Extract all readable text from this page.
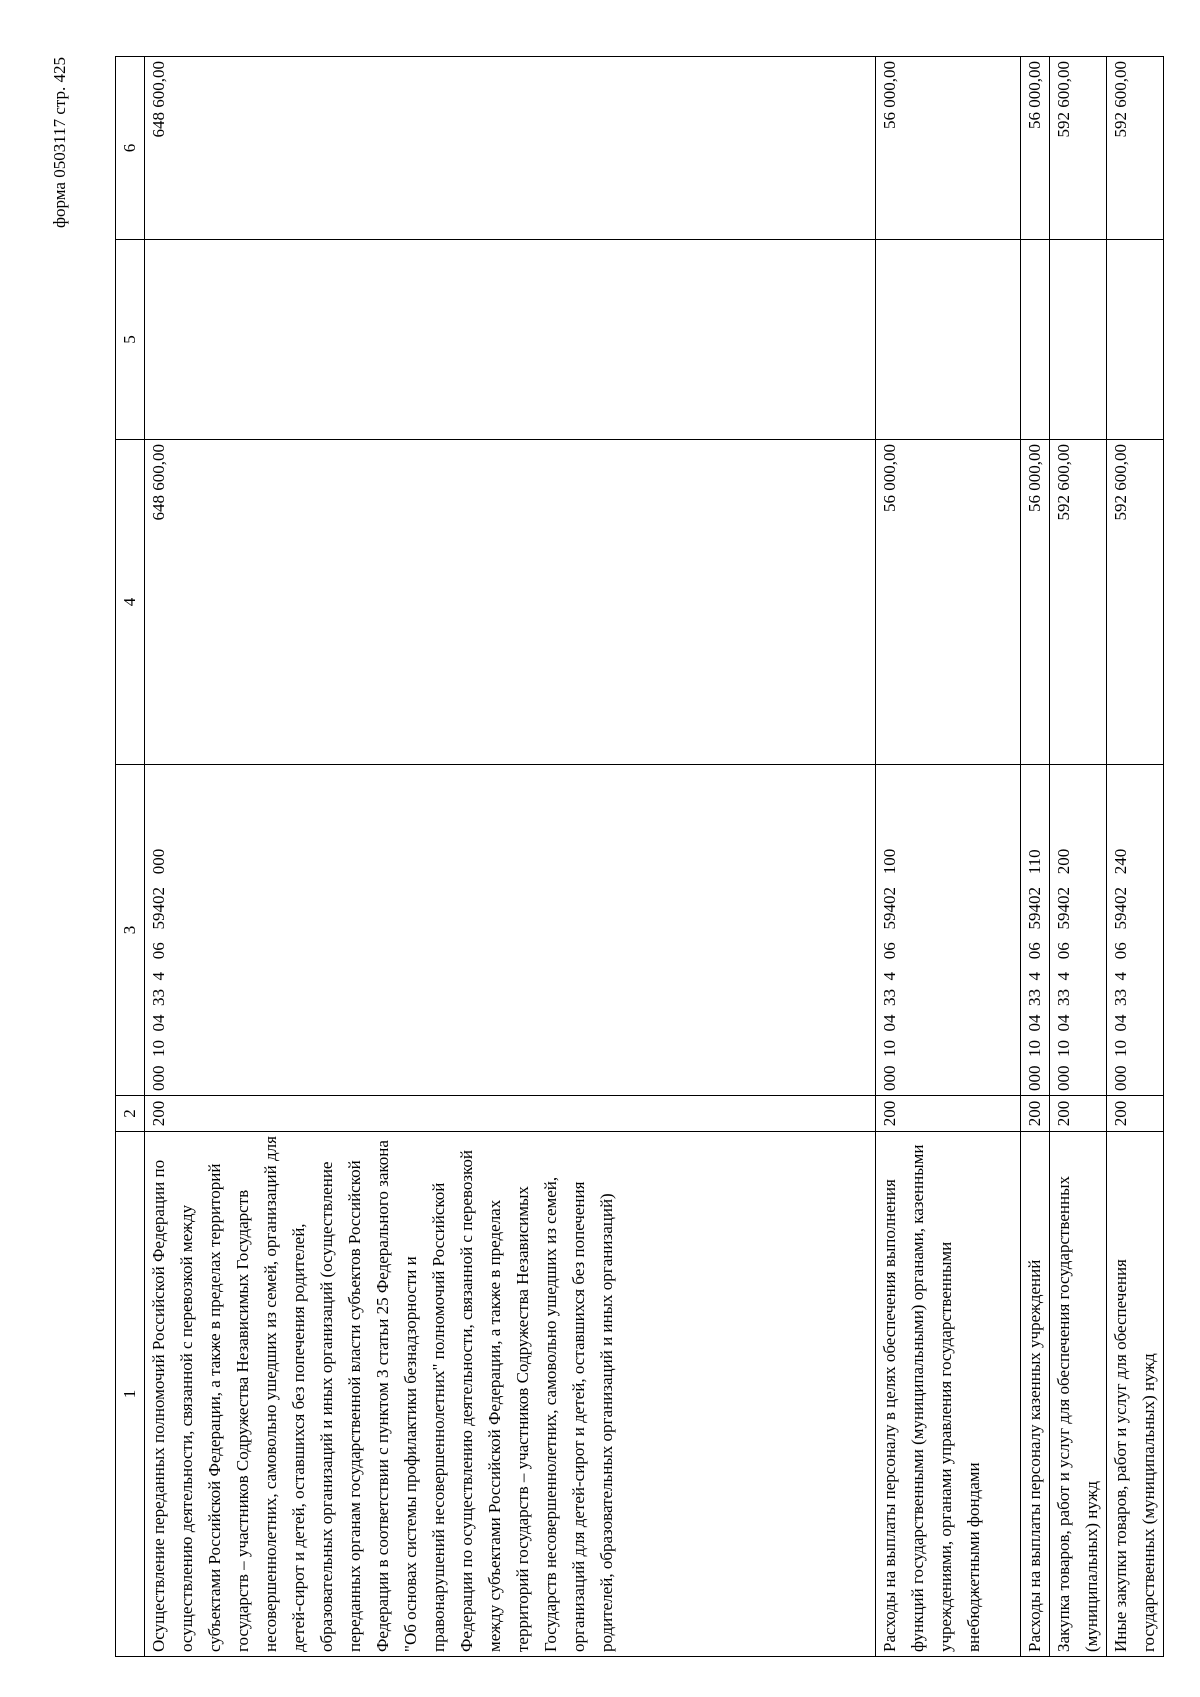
форма 0503117 стр. 425
1	2	3	4	5	6
Осуществление переданных полномочий Российской Федерации по осуществлению деятельности, связанной с перевозкой между субъектами Российской Федерации, а также в пределах территорий государств – участников Содружества Независимых Государств несовершеннолетних, самовольно ушедших из семей, организаций для детей-сирот и детей, оставшихся без попечения родителей, образовательных организаций и иных организаций (осуществление переданных органам государственной власти субъектов Российской Федерации в соответствии с пунктом 3 статьи 25 Федерального закона "Об основах системы профилактики безнадзорности и правонарушений несовершеннолетних" полномочий Российской Федерации по осуществлению деятельности, связанной с перевозкой между субъектами Российской Федерации, а также в пределах территорий государств – участников Содружества Независимых Государств несовершеннолетних, самовольно ушедших из семей, организаций для детей-сирот и детей, оставшихся без попечения родителей, образовательных организаций и иных организаций)	200	000  10  04  33  4   06   59402   000	648 600,00		648 600,00
Расходы на выплаты персоналу в целях обеспечения выполнения функций государственными (муниципальными) органами, казенными учреждениями, органами управления государственными внебюджетными фондами	200	000  10  04  33  4   06   59402   100	56 000,00		56 000,00
Расходы на выплаты персоналу казенных учреждений	200	000  10  04  33  4   06   59402   110	56 000,00		56 000,00
Закупка товаров, работ и услуг для обеспечения государственных (муниципальных) нужд	200	000  10  04  33  4   06   59402   200	592 600,00		592 600,00
Иные закупки товаров, работ и услуг для обеспечения государственных (муниципальных) нужд	200	000  10  04  33  4   06   59402   240	592 600,00		592 600,00
